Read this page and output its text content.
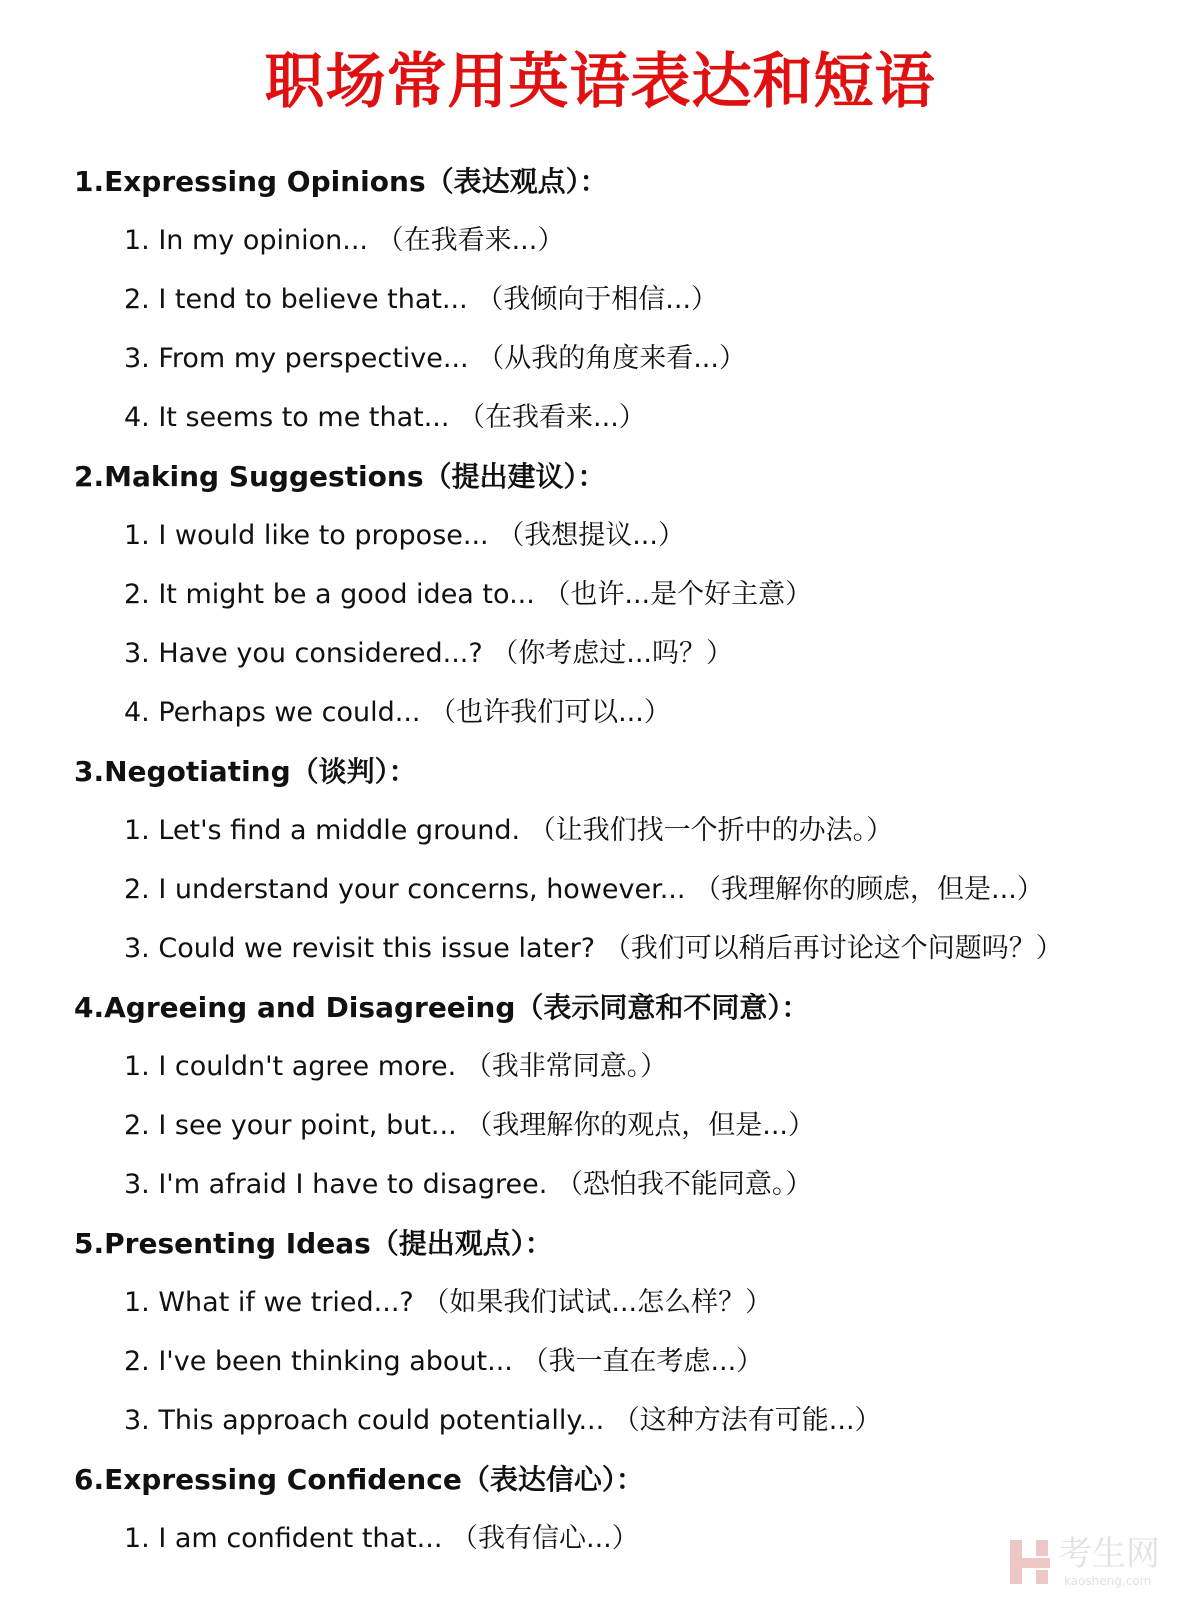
职场常用英语表达和短语
1.Expressing Opinions（表达观点）：
1. In my opinion... （在我看来...）
2. I tend to believe that... （我倾向于相信...）
3. From my perspective... （从我的角度来看...）
4. It seems to me that... （在我看来...）
2.Making Suggestions（提出建议）：
1. I would like to propose... （我想提议...）
2. It might be a good idea to... （也许...是个好主意）
3. Have you considered...? （你考虑过...吗？）
4. Perhaps we could... （也许我们可以...）
3.Negotiating（谈判）：
1. Let's find a middle ground. （让我们找一个折中的办法。）
2. I understand your concerns, however... （我理解你的顾虑，但是...）
3. Could we revisit this issue later? （我们可以稍后再讨论这个问题吗？）
4.Agreeing and Disagreeing（表示同意和不同意）：
1. I couldn't agree more. （我非常同意。）
2. I see your point, but... （我理解你的观点，但是...）
3. I'm afraid I have to disagree. （恐怕我不能同意。）
5.Presenting Ideas（提出观点）：
1. What if we tried...? （如果我们试试...怎么样？）
2. I've been thinking about... （我一直在考虑...）
3. This approach could potentially... （这种方法有可能...）
6.Expressing Confidence（表达信心）：
1. I am confident that... （我有信心...）	考生网
kaosheng.com
